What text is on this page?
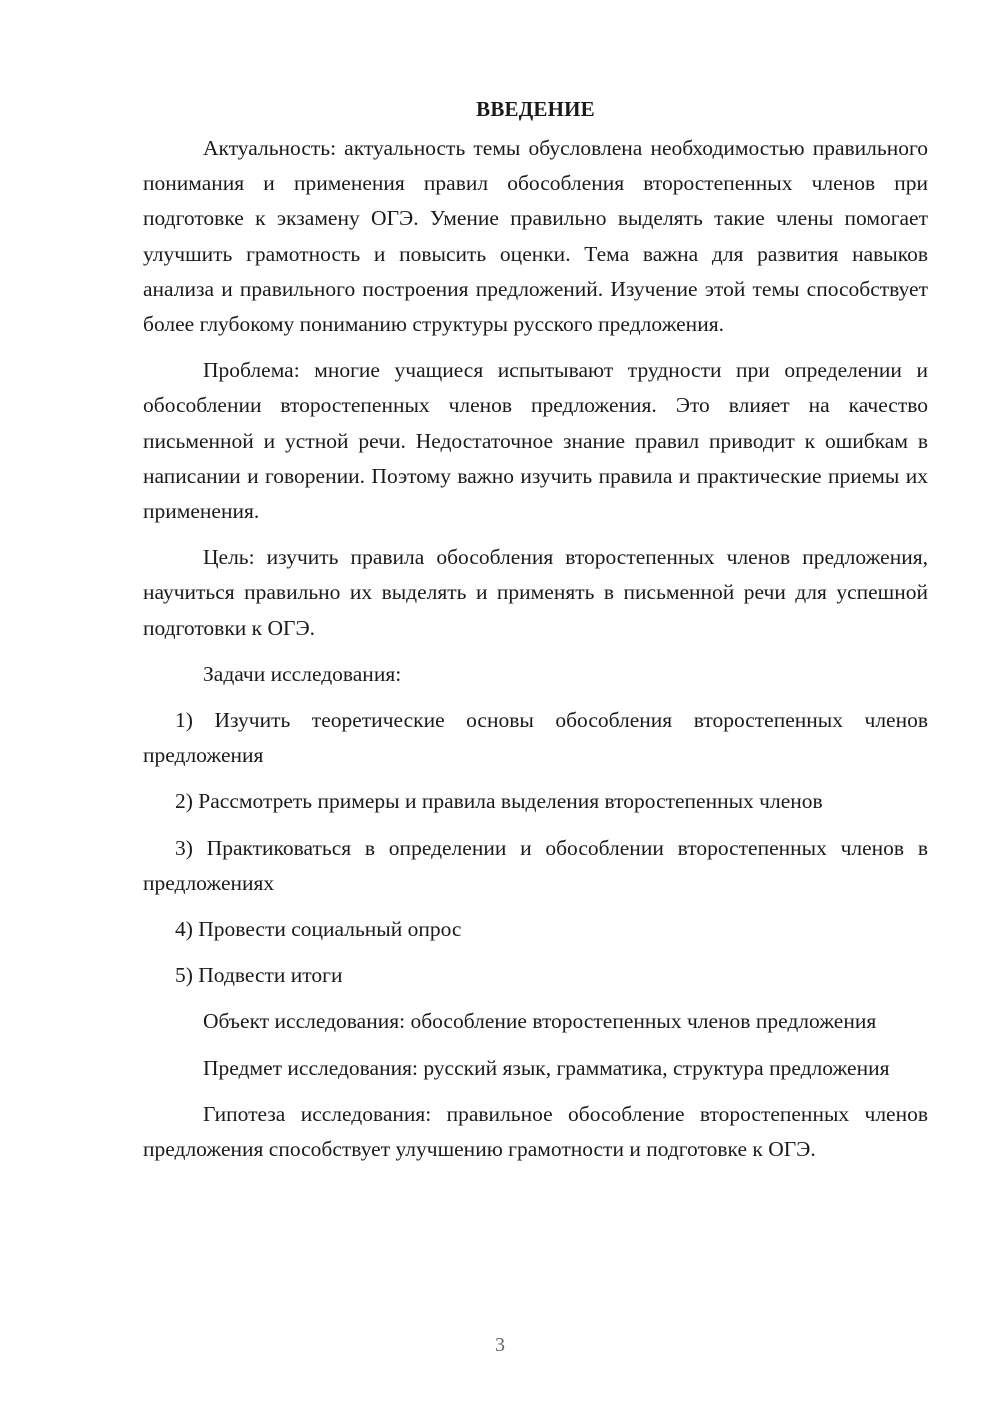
ВВЕДЕНИЕ

Актуальность: актуальность темы обусловлена необходимостью правильного понимания и применения правил обособления второстепенных членов при подготовке к экзамену ОГЭ. Умение правильно выделять такие члены помогает улучшить грамотность и повысить оценки. Тема важна для развития навыков анализа и правильного построения предложений. Изучение этой темы способствует более глубокому пониманию структуры русского предложения.

Проблема: многие учащиеся испытывают трудности при определении и обособлении второстепенных членов предложения. Это влияет на качество письменной и устной речи. Недостаточное знание правил приводит к ошибкам в написании и говорении. Поэтому важно изучить правила и практические приемы их применения.

Цель: изучить правила обособления второстепенных членов предложения, научиться правильно их выделять и применять в письменной речи для успешной подготовки к ОГЭ.

Задачи исследования:

1) Изучить теоретические основы обособления второстепенных членов предложения

2) Рассмотреть примеры и правила выделения второстепенных членов

3) Практиковаться в определении и обособлении второстепенных членов в предложениях

4) Провести социальный опрос

5) Подвести итоги

Объект исследования: обособление второстепенных членов предложения

Предмет исследования: русский язык, грамматика, структура предложения

Гипотеза исследования: правильное обособление второстепенных членов предложения способствует улучшению грамотности и подготовке к ОГЭ.

3
